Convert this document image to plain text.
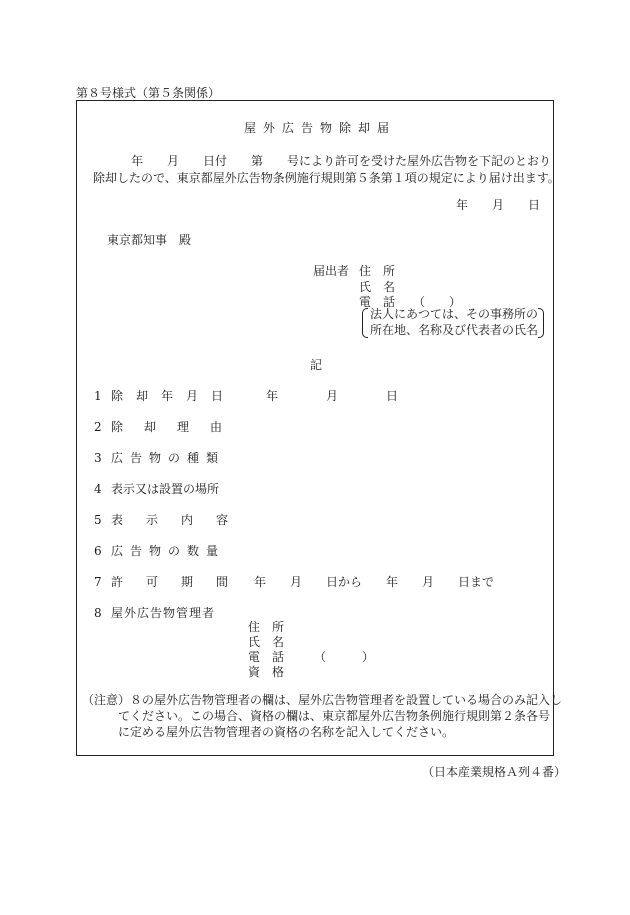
第８号様式（第５条関係）
屋外広告物除却届
年　　月　　日付　　第　　号により許可を受けた屋外広告物を下記のとおり
除却したので、東京都屋外広告物条例施行規則第５条第１項の規定により届け出ます。
年　　月　　日
東京都知事　殿
届出者 住　所
氏　名
電　話　　（　　）
法人にあつては、その事務所の
所在地、名称及び代表者の氏名
記
1 除却年月日 年　　　　月　　　　日
2 除却理由
3 広告物の種類
4 表示又は設置の場所
5 表示内容
6 広告物の数量
7 許可期間 年　　月　　日から　　年　　月　　日まで
8 屋外広告物管理者
住　所
氏　名
電　話　　　（　　　）
資　格
（注意） ８の屋外広告物管理者の欄は、屋外広告物管理者を設置している場合のみ記入し
てください。この場合、資格の欄は、東京都屋外広告物条例施行規則第２条各号
に定める屋外広告物管理者の資格の名称を記入してください。
（日本産業規格Ａ列４番）
